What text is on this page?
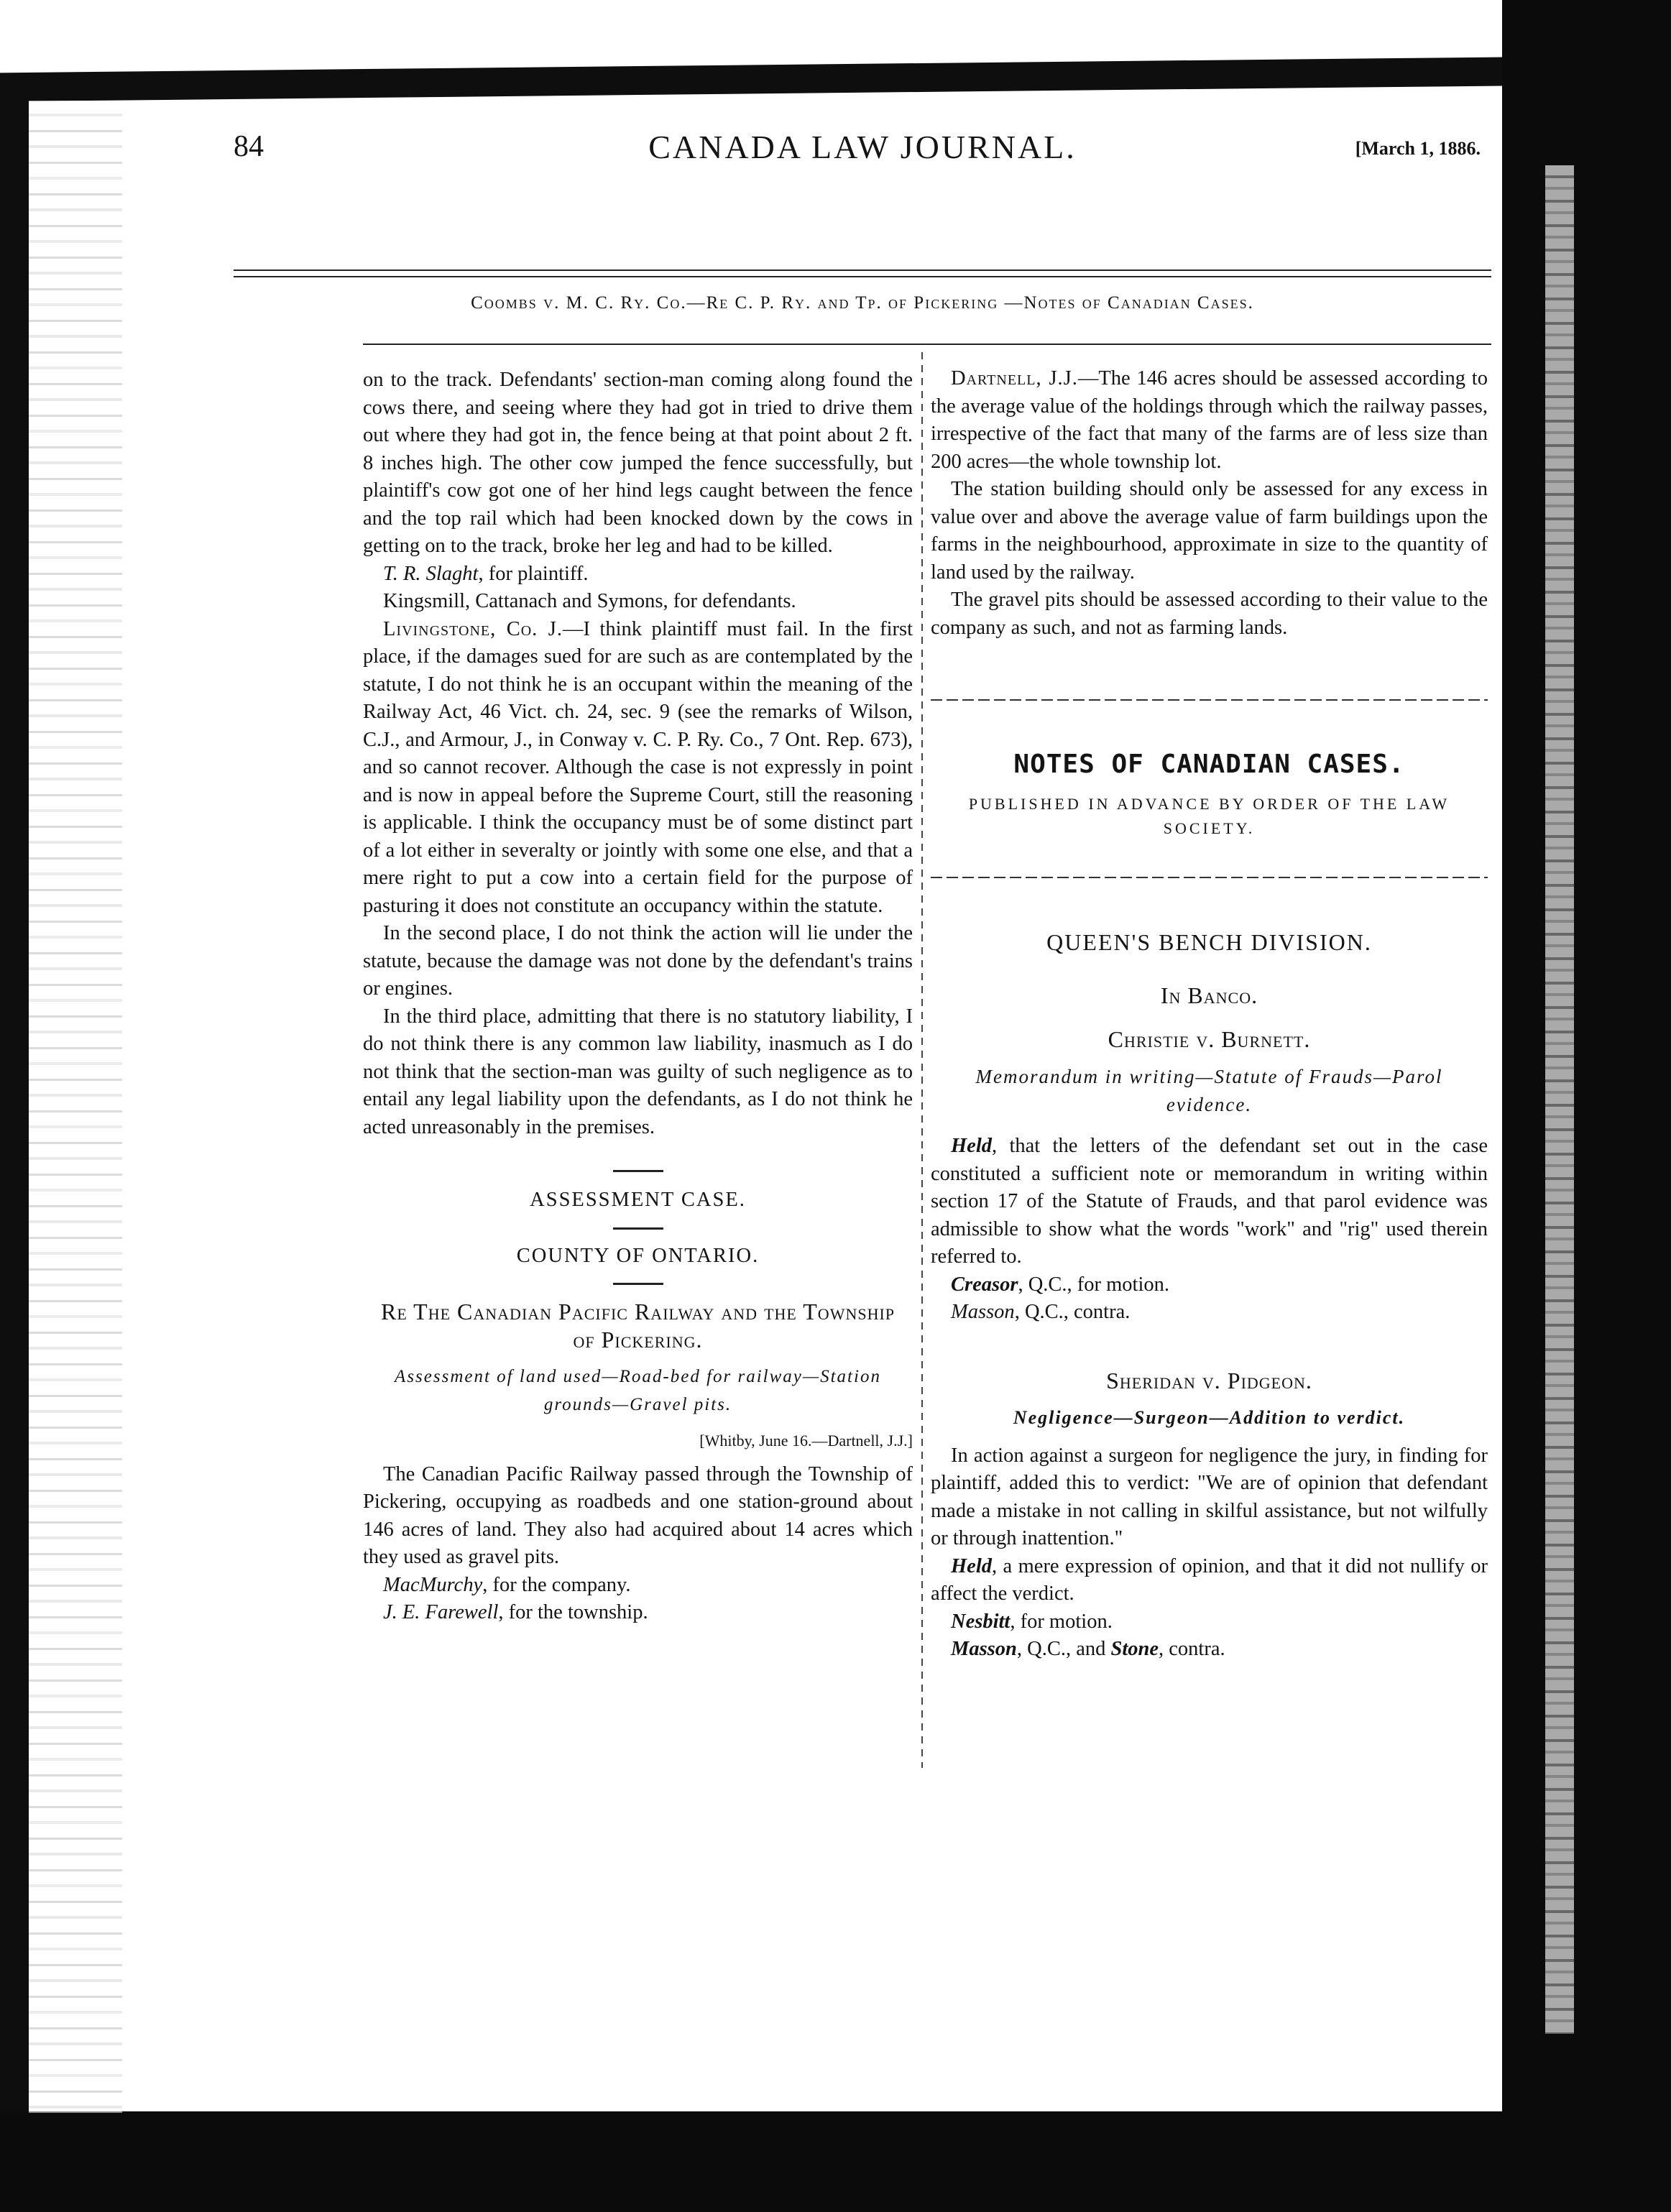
84	CANADA LAW JOURNAL.	[March 1, 1886.
Coombs v. M. C. Ry. Co.—Re C. P. Ry. and Tp. of Pickering —Notes of Canadian Cases.

on to the track. Defendants' section-man coming along found the cows there, and seeing where they had got in tried to drive them out where they had got in, the fence being at that point about 2 ft. 8 inches high. The other cow jumped the fence successfully, but plaintiff's cow got one of her hind legs caught between the fence and the top rail which had been knocked down by the cows in getting on to the track, broke her leg and had to be killed.

T. R. Slaght, for plaintiff.

Kingsmill, Cattanach and Symons, for defendants.

Livingstone, Co. J.—I think plaintiff must fail. In the first place, if the damages sued for are such as are contemplated by the statute, I do not think he is an occupant within the meaning of the Railway Act, 46 Vict. ch. 24, sec. 9 (see the remarks of Wilson, C.J., and Armour, J., in Conway v. C. P. Ry. Co., 7 Ont. Rep. 673), and so cannot recover. Although the case is not expressly in point and is now in appeal before the Supreme Court, still the reasoning is applicable. I think the occupancy must be of some distinct part of a lot either in severalty or jointly with some one else, and that a mere right to put a cow into a certain field for the purpose of pasturing it does not constitute an occupancy within the statute.

In the second place, I do not think the action will lie under the statute, because the damage was not done by the defendant's trains or engines.

In the third place, admitting that there is no statutory liability, I do not think there is any common law liability, inasmuch as I do not think that the section-man was guilty of such negligence as to entail any legal liability upon the defendants, as I do not think he acted unreasonably in the premises.

ASSESSMENT CASE.
COUNTY OF ONTARIO.
Re The Canadian Pacific Railway and the Township of Pickering.
Assessment of land used—Road-bed for railway—Station grounds—Gravel pits.
[Whitby, June 16.—Dartnell, J.J.]

The Canadian Pacific Railway passed through the Township of Pickering, occupying as roadbeds and one station-ground about 146 acres of land. They also had acquired about 14 acres which they used as gravel pits.

MacMurchy, for the company.

J. E. Farewell, for the township.

Dartnell, J.J.—The 146 acres should be assessed according to the average value of the holdings through which the railway passes, irrespective of the fact that many of the farms are of less size than 200 acres—the whole township lot.

The station building should only be assessed for any excess in value over and above the average value of farm buildings upon the farms in the neighbourhood, approximate in size to the quantity of land used by the railway.

The gravel pits should be assessed according to their value to the company as such, and not as farming lands.

NOTES OF CANADIAN CASES.
PUBLISHED IN ADVANCE BY ORDER OF THE LAW SOCIETY.
QUEEN'S BENCH DIVISION.
In Banco.
Christie v. Burnett.
Memorandum in writing—Statute of Frauds—Parol evidence.

Held, that the letters of the defendant set out in the case constituted a sufficient note or memorandum in writing within section 17 of the Statute of Frauds, and that parol evidence was admissible to show what the words "work" and "rig" used therein referred to.

Creasor, Q.C., for motion.

Masson, Q.C., contra.

Sheridan v. Pidgeon.
Negligence—Surgeon—Addition to verdict.

In action against a surgeon for negligence the jury, in finding for plaintiff, added this to verdict: "We are of opinion that defendant made a mistake in not calling in skilful assistance, but not wilfully or through inattention."

Held, a mere expression of opinion, and that it did not nullify or affect the verdict.

Nesbitt, for motion.

Masson, Q.C., and Stone, contra.
